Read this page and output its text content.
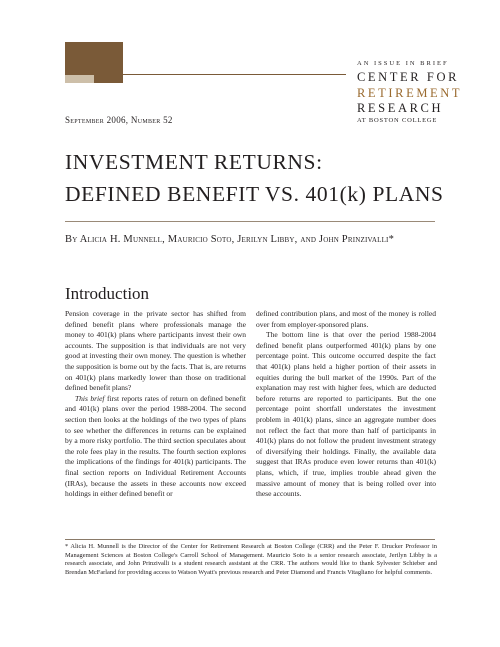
AN ISSUE IN BRIEF
CENTER FOR
RETIREMENT
RESEARCH
AT BOSTON COLLEGE
September 2006, Number 52
INVESTMENT RETURNS:
DEFINED BENEFIT VS. 401(k) PLANS
By Alicia H. Munnell, Mauricio Soto, Jerilyn Libby, and John Prinzivalli*
Introduction

Pension coverage in the private sector has shifted from defined benefit plans where professionals manage the money to 401(k) plans where participants invest their own accounts. The supposition is that individuals are not very good at investing their own money. The question is whether the supposition is borne out by the facts. That is, are returns on 401(k) plans markedly lower than those on traditional defined benefit plans?

This brief first reports rates of return on defined benefit and 401(k) plans over the period 1988-2004. The second section then looks at the holdings of the two types of plans to see whether the differences in returns can be explained by a more risky portfolio. The third section speculates about the role fees play in the results. The fourth section explores the implications of the findings for 401(k) participants. The final section reports on Individual Retirement Accounts (IRAs), because the assets in these accounts now exceed holdings in either defined benefit or

defined contribution plans, and most of the money is rolled over from employer-sponsored plans.

The bottom line is that over the period 1988-2004 defined benefit plans outperformed 401(k) plans by one percentage point. This outcome occurred despite the fact that 401(k) plans held a higher portion of their assets in equities during the bull market of the 1990s. Part of the explanation may rest with higher fees, which are deducted before returns are reported to participants. But the one percentage point shortfall understates the investment problem in 401(k) plans, since an aggregate number does not reflect the fact that more than half of participants in 401(k) plans do not follow the prudent investment strategy of diversifying their holdings. Finally, the available data suggest that IRAs produce even lower returns than 401(k) plans, which, if true, implies trouble ahead given the massive amount of money that is being rolled over into these accounts.

* Alicia H. Munnell is the Director of the Center for Retirement Research at Boston College (CRR) and the Peter F. Drucker Professor in Management Sciences at Boston College's Carroll School of Management. Mauricio Soto is a senior research associate, Jerilyn Libby is a research associate, and John Prinzivalli is a student research assistant at the CRR. The authors would like to thank Sylvester Schieber and Brendan McFarland for providing access to Watson Wyatt's previous research and Peter Diamond and Francis Vitagliano for helpful comments.
